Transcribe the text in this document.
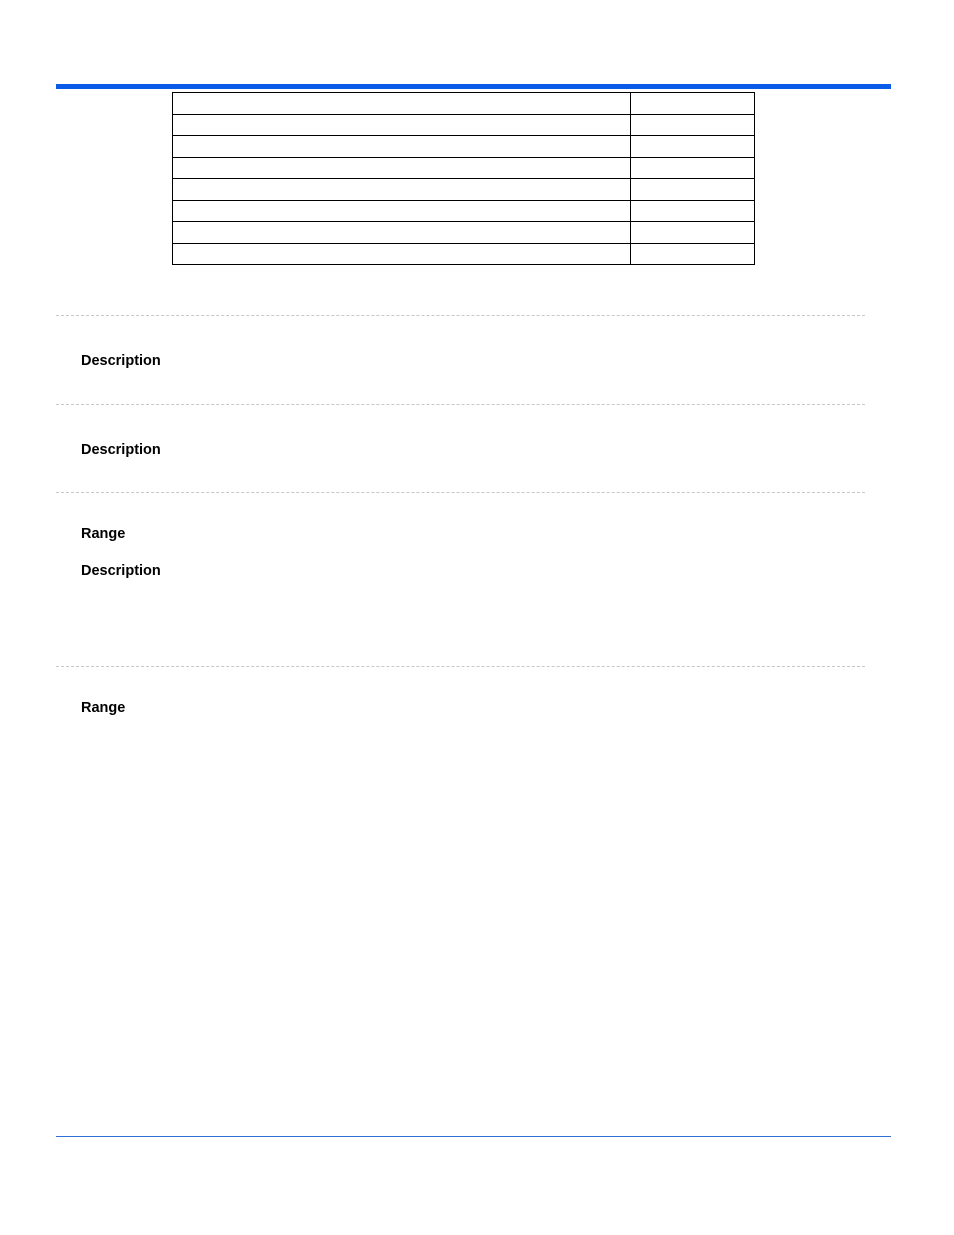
Description
Description
Range
Description
Range
